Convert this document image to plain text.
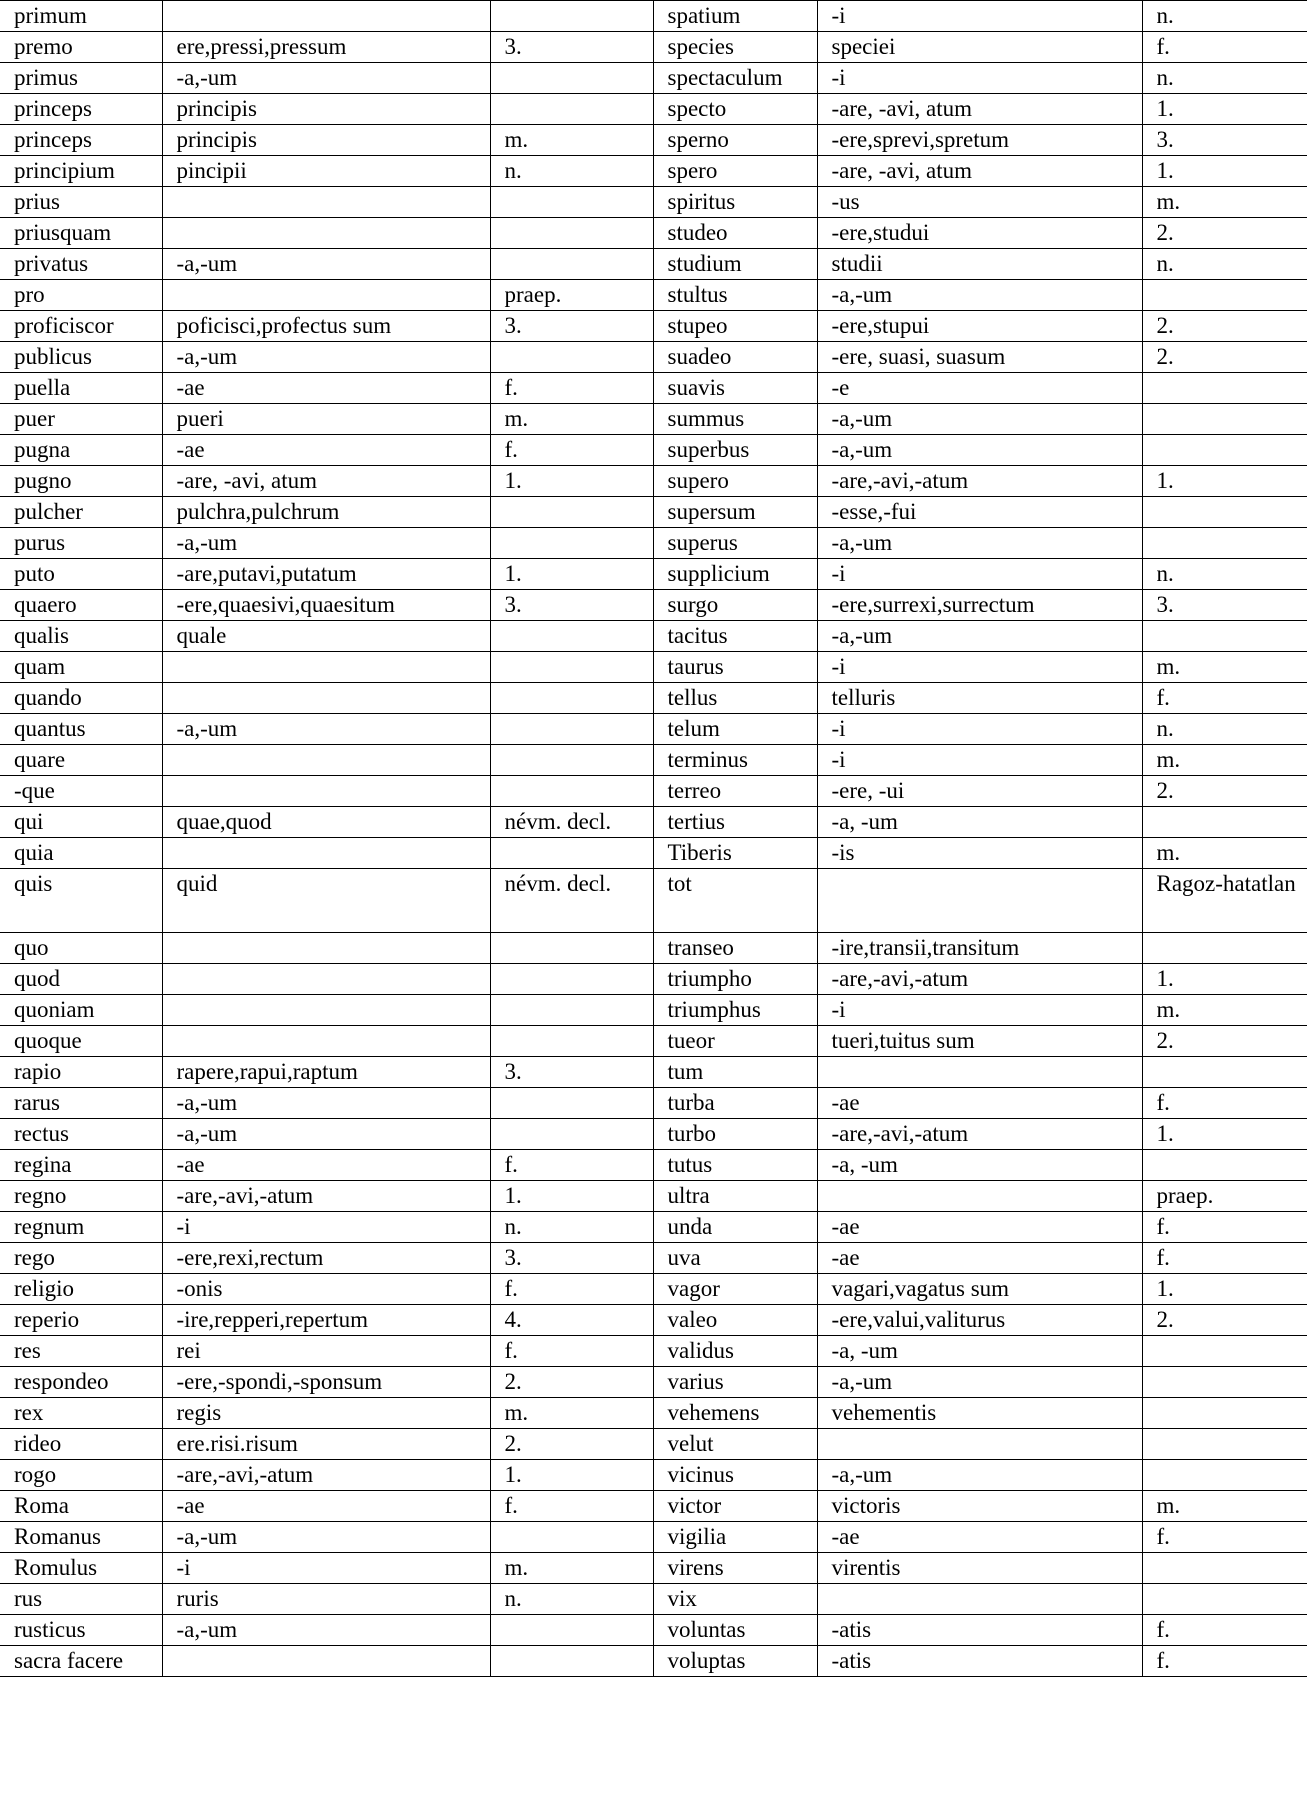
primum			spatium	-i	n.
premo	ere,pressi,pressum	3.	species	speciei	f.
primus	-a,-um		spectaculum	-i	n.
princeps	principis		specto	-are, -avi, atum	1.
princeps	principis	m.	sperno	-ere,sprevi,spretum	3.
principium	pincipii	n.	spero	-are, -avi, atum	1.
prius			spiritus	-us	m.
priusquam			studeo	-ere,studui	2.
privatus	-a,-um		studium	studii	n.
pro		praep.	stultus	-a,-um	
proficiscor	poficisci,profectus sum	3.	stupeo	-ere,stupui	2.
publicus	-a,-um		suadeo	-ere, suasi, suasum	2.
puella	-ae	f.	suavis	-e	
puer	pueri	m.	summus	-a,-um	
pugna	-ae	f.	superbus	-a,-um	
pugno	-are, -avi, atum	1.	supero	-are,-avi,-atum	1.
pulcher	pulchra,pulchrum		supersum	-esse,-fui	
purus	-a,-um		superus	-a,-um	
puto	-are,putavi,putatum	1.	supplicium	-i	n.
quaero	-ere,quaesivi,quaesitum	3.	surgo	-ere,surrexi,surrectum	3.
qualis	quale		tacitus	-a,-um	
quam			taurus	-i	m.
quando			tellus	telluris	f.
quantus	-a,-um		telum	-i	n.
quare			terminus	-i	m.
-que			terreo	-ere, -ui	2.
qui	quae,quod	névm. decl.	tertius	-a, -um	
quia			Tiberis	-is	m.
quis	quid	névm. decl.	tot		Ragoz-hatatlan
quo			transeo	-ire,transii,transitum	
quod			triumpho	-are,-avi,-atum	1.
quoniam			triumphus	-i	m.
quoque			tueor	tueri,tuitus sum	2.
rapio	rapere,rapui,raptum	3.	tum		
rarus	-a,-um		turba	-ae	f.
rectus	-a,-um		turbo	-are,-avi,-atum	1.
regina	-ae	f.	tutus	-a, -um	
regno	-are,-avi,-atum	1.	ultra		praep.
regnum	-i	n.	unda	-ae	f.
rego	-ere,rexi,rectum	3.	uva	-ae	f.
religio	-onis	f.	vagor	vagari,vagatus sum	1.
reperio	-ire,repperi,repertum	4.	valeo	-ere,valui,valiturus	2.
res	rei	f.	validus	-a, -um	
respondeo	-ere,-spondi,-sponsum	2.	varius	-a,-um	
rex	regis	m.	vehemens	vehementis	
rideo	ere.risi.risum	2.	velut		
rogo	-are,-avi,-atum	1.	vicinus	-a,-um	
Roma	-ae	f.	victor	victoris	m.
Romanus	-a,-um		vigilia	-ae	f.
Romulus	-i	m.	virens	virentis	
rus	ruris	n.	vix		
rusticus	-a,-um		voluntas	-atis	f.
sacra facere			voluptas	-atis	f.
